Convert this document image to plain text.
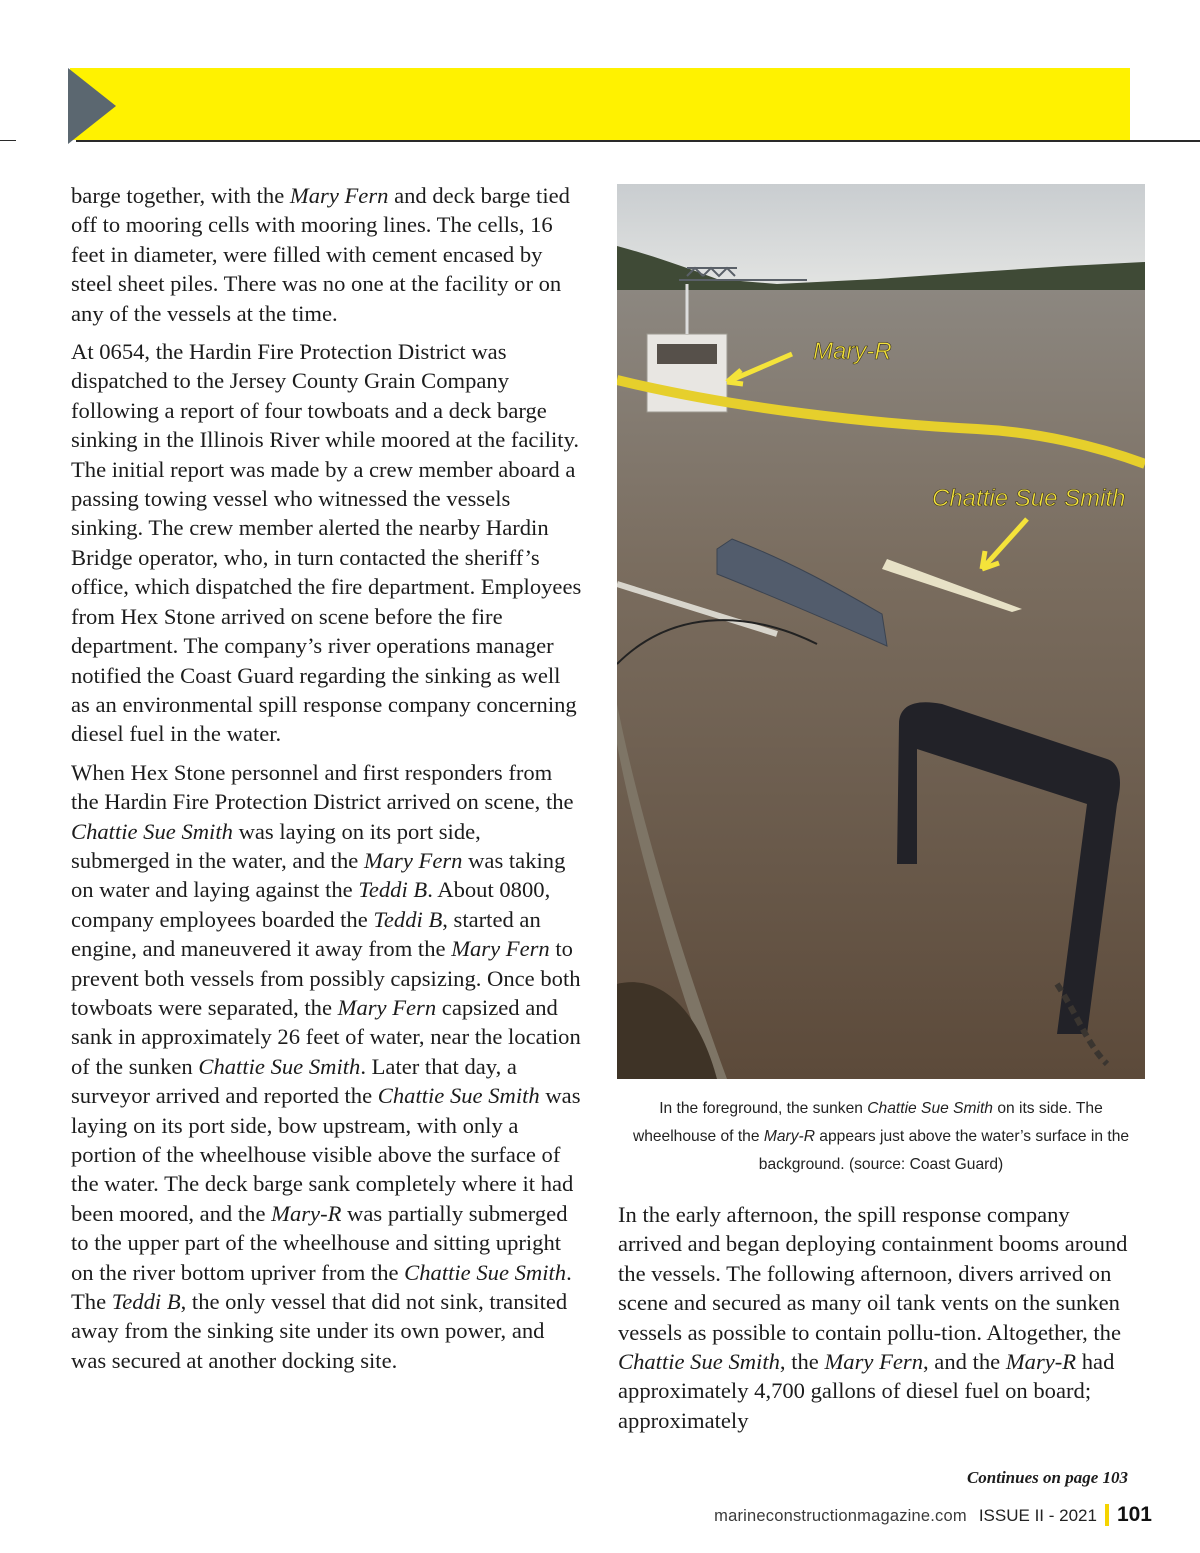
barge together, with the Mary Fern and deck barge tied off to mooring cells with mooring lines. The cells, 16 feet in diameter, were filled with cement encased by steel sheet piles. There was no one at the facility or on any of the vessels at the time.

At 0654, the Hardin Fire Protection District was dispatched to the Jersey County Grain Company following a report of four towboats and a deck barge sinking in the Illinois River while moored at the facility. The initial report was made by a crew member aboard a passing towing vessel who witnessed the vessels sinking. The crew member alerted the nearby Hardin Bridge operator, who, in turn contacted the sheriff’s office, which dispatched the fire department. Employees from Hex Stone arrived on scene before the fire department. The company’s river operations manager notified the Coast Guard regarding the sinking as well as an environmental spill response company concerning diesel fuel in the water.

When Hex Stone personnel and first responders from the Hardin Fire Protection District arrived on scene, the Chattie Sue Smith was laying on its port side, submerged in the water, and the Mary Fern was taking on water and laying against the Teddi B. About 0800, company employees boarded the Teddi B, started an engine, and maneuvered it away from the Mary Fern to prevent both vessels from possibly capsizing. Once both towboats were separated, the Mary Fern capsized and sank in approximately 26 feet of water, near the location of the sunken Chattie Sue Smith. Later that day, a surveyor arrived and reported the Chattie Sue Smith was laying on its port side, bow upstream, with only a portion of the wheelhouse visible above the surface of the water. The deck barge sank completely where it had been moored, and the Mary-R was partially submerged to the upper part of the wheelhouse and sitting upright on the river bottom upriver from the Chattie Sue Smith. The Teddi B, the only vessel that did not sink, transited away from the sinking site under its own power, and was secured at another docking site.

Mary-R
Chattie Sue Smith
In the foreground, the sunken Chattie Sue Smith on its side. The wheelhouse of the Mary-R appears just above the water’s surface in the background. (source: Coast Guard)

In the early afternoon, the spill response company arrived and began deploying containment booms around the vessels. The following afternoon, divers arrived on scene and secured as many oil tank vents on the sunken vessels as possible to contain pollu-tion. Altogether, the Chattie Sue Smith, the Mary Fern, and the Mary-R had approximately 4,700 gallons of diesel fuel on board; approximately

Continues on page 103
marineconstructionmagazine.com ISSUE II - 2021 101
